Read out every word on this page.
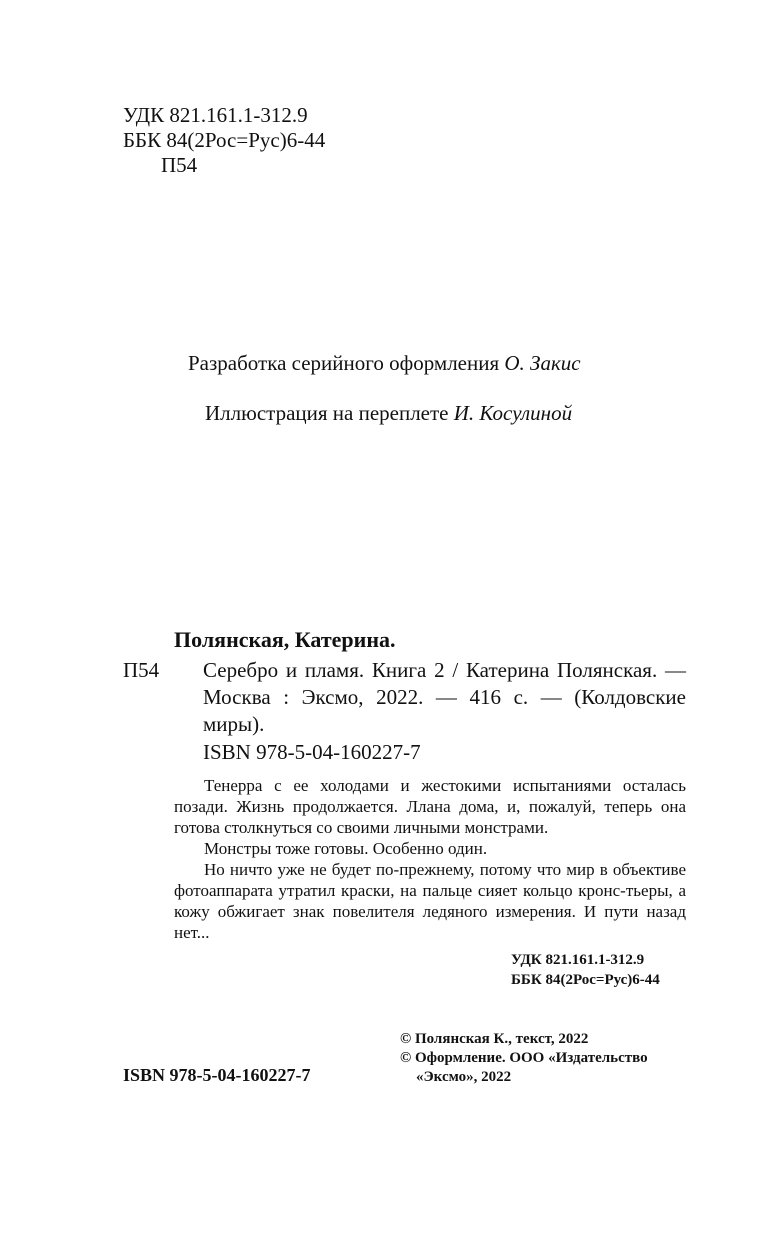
УДК 821.161.1-312.9
ББК 84(2Рос=Рус)6-44
П54
Разработка серийного оформления О. Закис
Иллюстрация на переплете И. Косулиной
Полянская, Катерина.
П54 Серебро и пламя. Книга 2 / Катерина Полянская. — Москва : Эксмо, 2022. — 416 с. — (Колдовские миры).
ISBN 978-5-04-160227-7

Тенерра с ее холодами и жестокими испытаниями осталась позади. Жизнь продолжается. Ллана дома, и, пожалуй, теперь она готова столкнуться со своими личными монстрами.

Монстры тоже готовы. Особенно один.

Но ничто уже не будет по-прежнему, потому что мир в объективе фотоаппарата утратил краски, на пальце сияет кольцо кронс-тьеры, а кожу обжигает знак повелителя ледяного измерения. И пути назад нет...

УДК 821.161.1-312.9
ББК 84(2Рос=Рус)6-44
© Полянская К., текст, 2022
© Оформление. ООО «Издательство
«Эксмо», 2022
ISBN 978-5-04-160227-7
